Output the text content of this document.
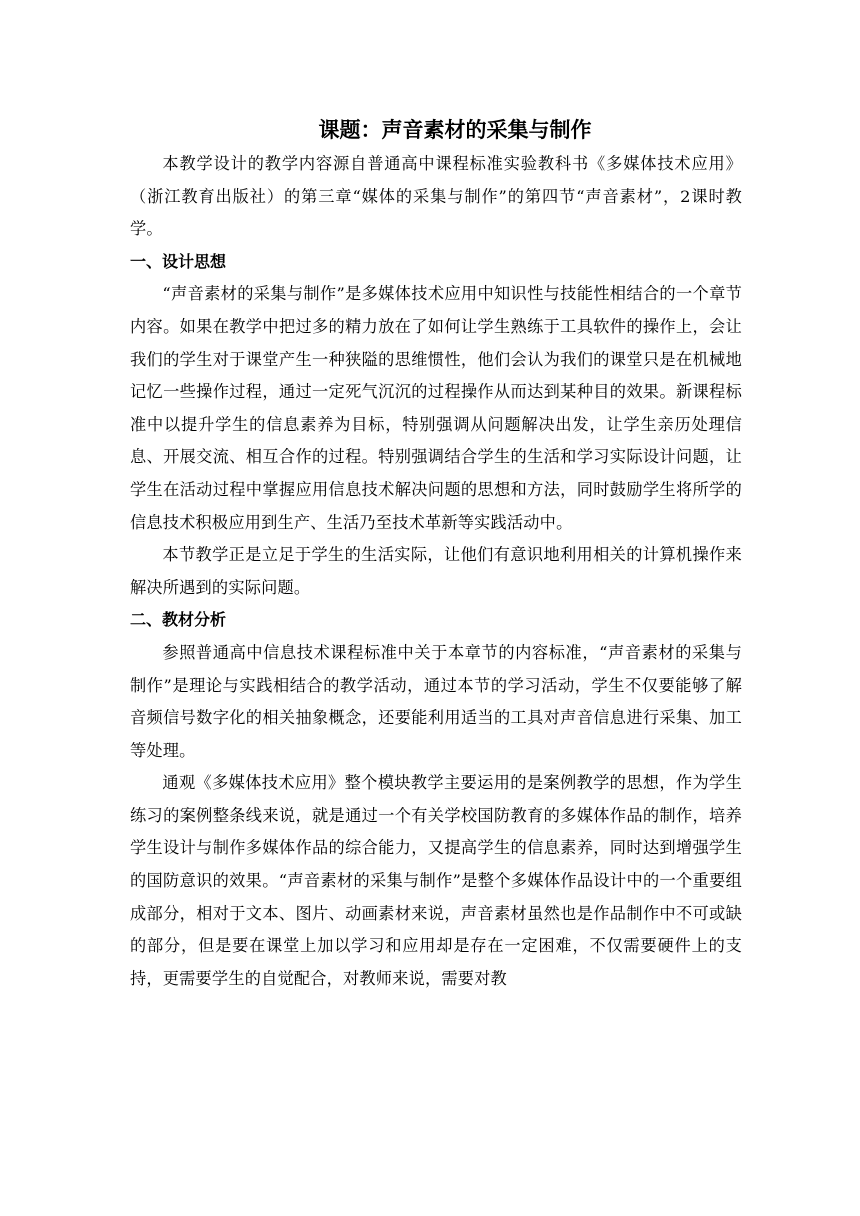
课题：声音素材的采集与制作

本教学设计的教学内容源自普通高中课程标准实验教科书《多媒体技术应用》（浙江教育出版社）的第三章“媒体的采集与制作”的第四节“声音素材”，2课时教学。

一、设计思想

“声音素材的采集与制作”是多媒体技术应用中知识性与技能性相结合的一个章节内容。如果在教学中把过多的精力放在了如何让学生熟练于工具软件的操作上，会让我们的学生对于课堂产生一种狭隘的思维惯性，他们会认为我们的课堂只是在机械地记忆一些操作过程，通过一定死气沉沉的过程操作从而达到某种目的效果。新课程标准中以提升学生的信息素养为目标，特别强调从问题解决出发，让学生亲历处理信息、开展交流、相互合作的过程。特别强调结合学生的生活和学习实际设计问题，让学生在活动过程中掌握应用信息技术解决问题的思想和方法，同时鼓励学生将所学的信息技术积极应用到生产、生活乃至技术革新等实践活动中。

本节教学正是立足于学生的生活实际，让他们有意识地利用相关的计算机操作来解决所遇到的实际问题。

二、教材分析

参照普通高中信息技术课程标准中关于本章节的内容标准，“声音素材的采集与制作”是理论与实践相结合的教学活动，通过本节的学习活动，学生不仅要能够了解音频信号数字化的相关抽象概念，还要能利用适当的工具对声音信息进行采集、加工等处理。

通观《多媒体技术应用》整个模块教学主要运用的是案例教学的思想，作为学生练习的案例整条线来说，就是通过一个有关学校国防教育的多媒体作品的制作，培养学生设计与制作多媒体作品的综合能力，又提高学生的信息素养，同时达到增强学生的国防意识的效果。“声音素材的采集与制作”是整个多媒体作品设计中的一个重要组成部分，相对于文本、图片、动画素材来说，声音素材虽然也是作品制作中不可或缺的部分，但是要在课堂上加以学习和应用却是存在一定困难，不仅需要硬件上的支持，更需要学生的自觉配合，对教师来说，需要对教
